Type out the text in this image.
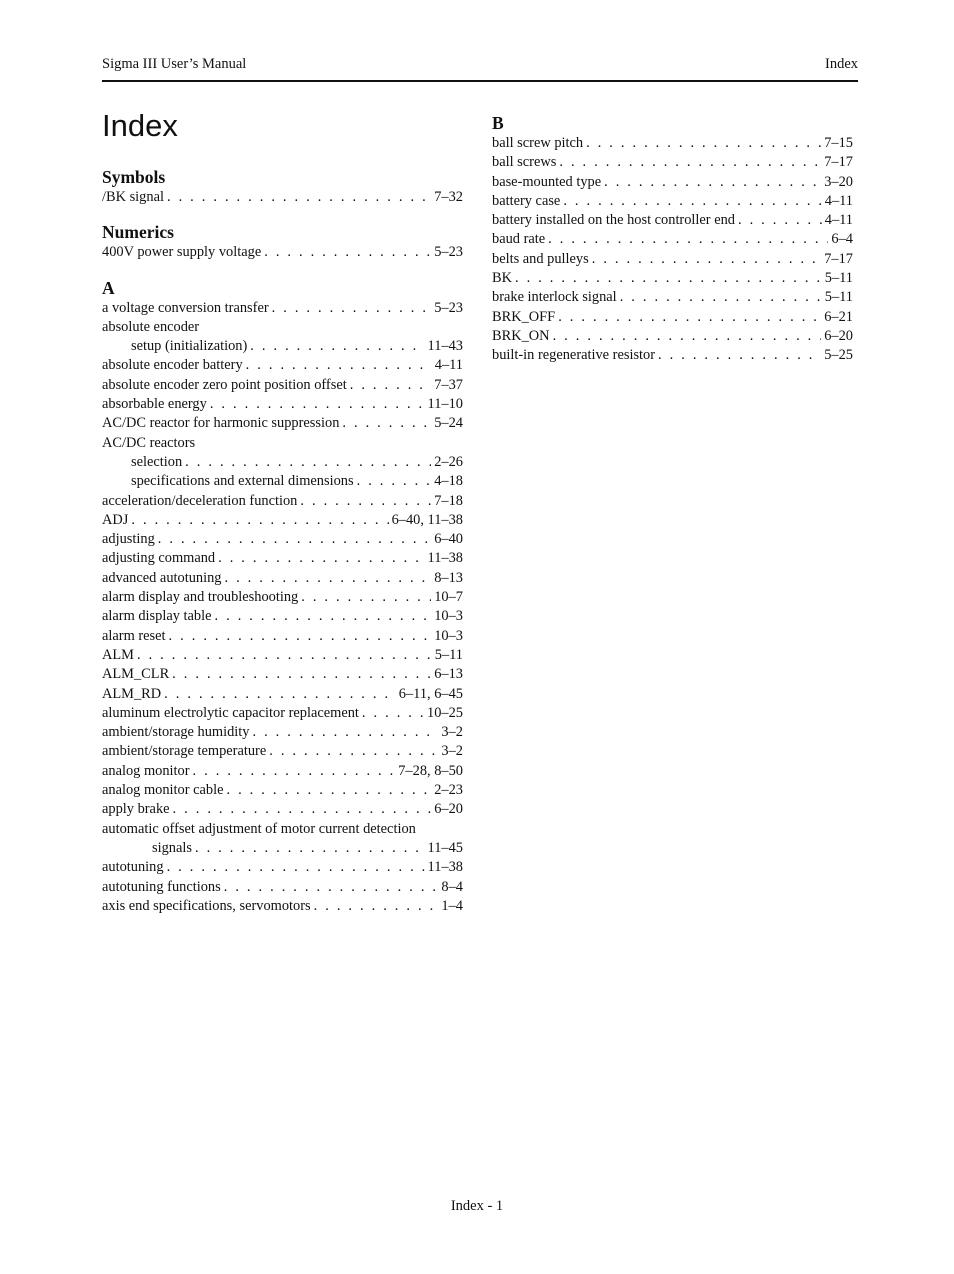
Sigma III User’s Manual	Index
Index
Symbols
/BK signal . . .	7–32
Numerics
400V power supply voltage . . .	5–23
A
a voltage conversion transfer . . .	5–23
absolute encoder
setup (initialization) . . .	11–43
absolute encoder battery . . .	4–11
absolute encoder zero point position offset . . .	7–37
absorbable energy . . .	11–10
AC/DC reactor for harmonic suppression . . .	5–24
AC/DC reactors
selection . . .	2–26
specifications and external dimensions . . .	4–18
acceleration/deceleration function . . .	7–18
ADJ . . .	6–40, 11–38
adjusting . . .	6–40
adjusting command . . .	11–38
advanced autotuning . . .	8–13
alarm display and troubleshooting . . .	10–7
alarm display table . . .	10–3
alarm reset . . .	10–3
ALM . . .	5–11
ALM_CLR . . .	6–13
ALM_RD . . .	6–11, 6–45
aluminum electrolytic capacitor replacement . . .	10–25
ambient/storage humidity . . .	3–2
ambient/storage temperature . . .	3–2
analog monitor . . .	7–28, 8–50
analog monitor cable . . .	2–23
apply brake . . .	6–20
automatic offset adjustment of motor current detection
signals . . .	11–45
autotuning . . .	11–38
autotuning functions . . .	8–4
axis end specifications, servomotors . . .	1–4
B
ball screw pitch . . .	7–15
ball screws . . .	7–17
base-mounted type . . .	3–20
battery case . . .	4–11
battery installed on the host controller end . . .	4–11
baud rate . . .	6–4
belts and pulleys . . .	7–17
BK . . .	5–11
brake interlock signal . . .	5–11
BRK_OFF . . .	6–21
BRK_ON . . .	6–20
built-in regenerative resistor . . .	5–25
Index - 1
